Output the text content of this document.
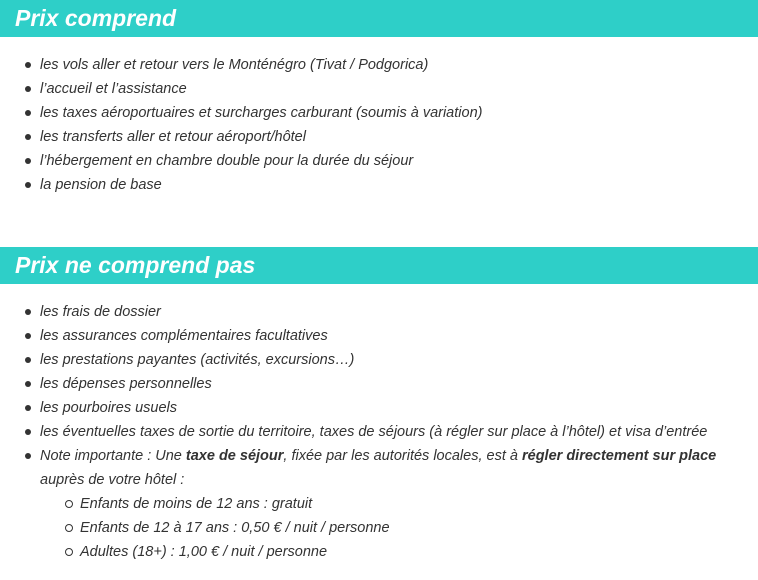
Prix comprend
les vols aller et retour vers le Monténégro (Tivat / Podgorica)
l’accueil et l’assistance
les taxes aéroportuaires et surcharges carburant (soumis à variation)
les transferts aller et retour aéroport/hôtel
l’hébergement en chambre double pour la durée du séjour
la pension de base
Prix ne comprend pas
les frais de dossier
les assurances complémentaires facultatives
les prestations payantes (activités, excursions…)
les dépenses personnelles
les pourboires usuels
les éventuelles taxes de sortie du territoire, taxes de séjours (à régler sur place à l’hôtel) et visa d’entrée
Note importante : Une taxe de séjour, fixée par les autorités locales, est à régler directement sur place auprès de votre hôtel :
Enfants de moins de 12 ans : gratuit
Enfants de 12 à 17 ans : 0,50 € / nuit / personne
Adultes (18+) : 1,00 € / nuit / personne
